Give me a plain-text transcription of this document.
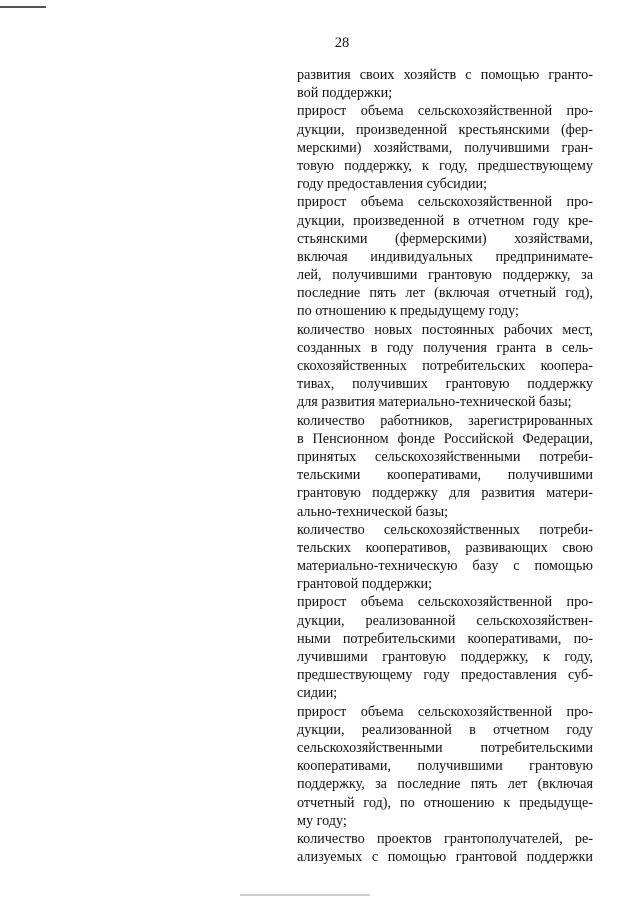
28
развития своих хозяйств с помощью гранто-
вой поддержки;
прирост объема сельскохозяйственной про-
дукции, произведенной крестьянскими (фер-
мерскими) хозяйствами, получившими гран-
товую поддержку, к году, предшествующему
году предоставления субсидии;
прирост объема сельскохозяйственной про-
дукции, произведенной в отчетном году кре-
стьянскими (фермерскими) хозяйствами,
включая индивидуальных предпринимате-
лей, получившими грантовую поддержку, за
последние пять лет (включая отчетный год),
по отношению к предыдущему году;
количество новых постоянных рабочих мест,
созданных в году получения гранта в сель-
скохозяйственных потребительских коопера-
тивах, получивших грантовую поддержку
для развития материально-технической базы;
количество работников, зарегистрированных
в Пенсионном фонде Российской Федерации,
принятых сельскохозяйственными потреби-
тельскими кооперативами, получившими
грантовую поддержку для развития матери-
ально-технической базы;
количество сельскохозяйственных потреби-
тельских кооперативов, развивающих свою
материально-техническую базу с помощью
грантовой поддержки;
прирост объема сельскохозяйственной про-
дукции, реализованной сельскохозяйствен-
ными потребительскими кооперативами, по-
лучившими грантовую поддержку, к году,
предшествующему году предоставления суб-
сидии;
прирост объема сельскохозяйственной про-
дукции, реализованной в отчетном году
сельскохозяйственными потребительскими
кооперативами, получившими грантовую
поддержку, за последние пять лет (включая
отчетный год), по отношению к предыдуще-
му году;
количество проектов грантополучателей, ре-
ализуемых с помощью грантовой поддержки
